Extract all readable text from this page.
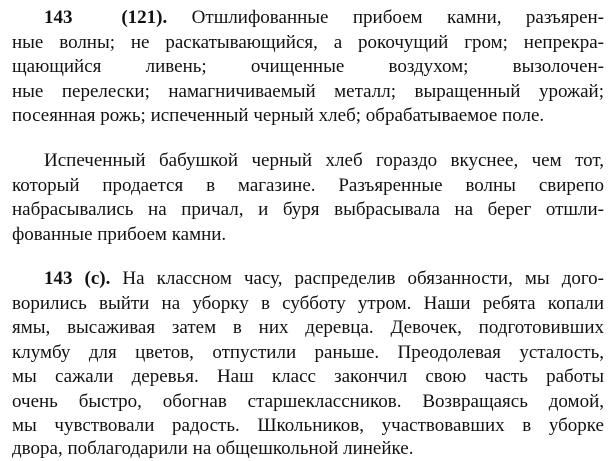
143	(121). Отшлифованные прибоем камни, разъярен-
ные волны; не раскатывающийся, а рокочущий гром; непрекра-
щающийся ливень; очищенные воздухом; вызолочен-
ные перелески; намагничиваемый металл; выращенный урожай;
посеянная рожь; испеченный черный хлеб; обрабатываемое поле.
Испеченный бабушкой черный хлеб гораздо вкуснее, чем тот,
который продается в магазине. Разъяренные волны свирепо
набрасывались на причал, и буря выбрасывала на берег отшли-
фованные прибоем камни.
143 (с). На классном часу, распределив обязанности, мы дого-
ворились выйти на уборку в субботу утром. Наши ребята копали
ямы, высаживая затем в них деревца. Девочек, подготовивших
клумбу для цветов, отпустили раньше. Преодолевая усталость,
мы сажали деревья. Наш класс закончил свою часть работы
очень быстро, обогнав старшеклассников. Возвращаясь домой,
мы чувствовали радость. Школьников, участвовавших в уборке
двора, поблагодарили на общешкольной линейке.
